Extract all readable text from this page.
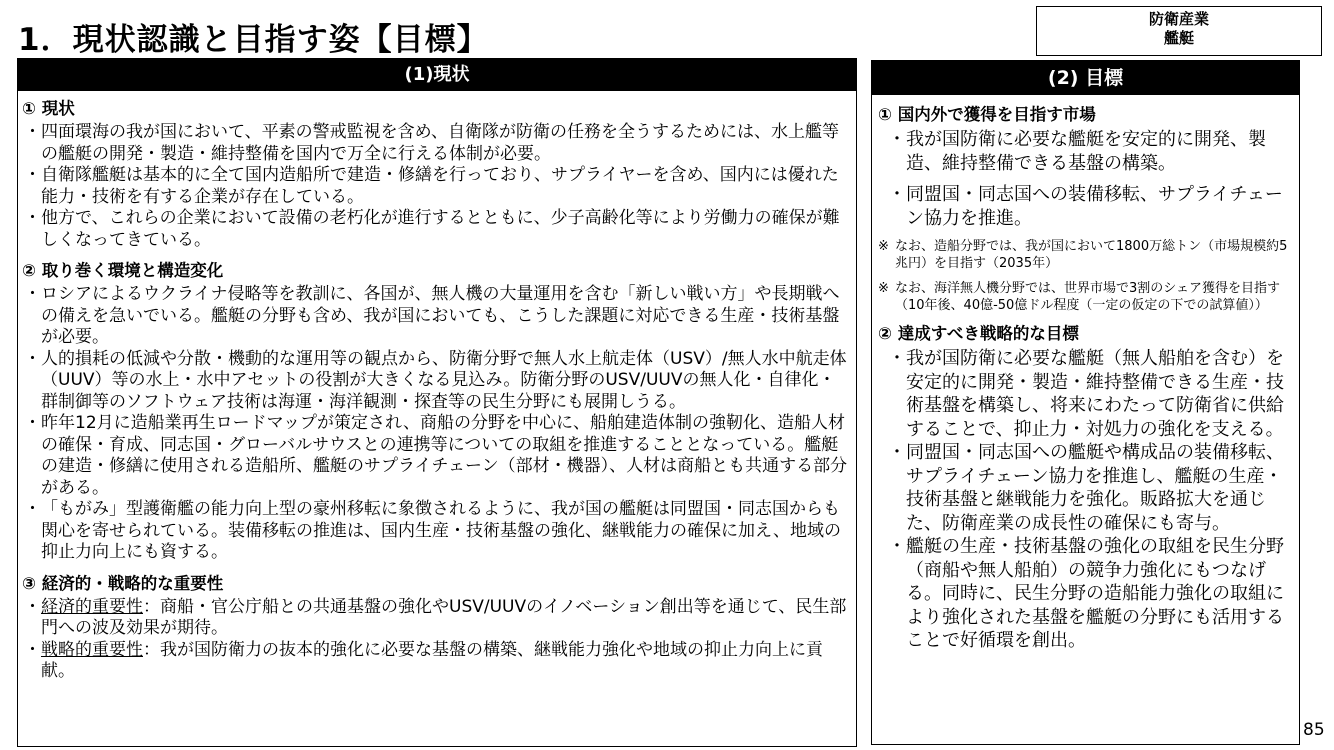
1．現状認識と目指す姿【目標】
防衛産業
艦艇
(1)現状
① 現状

・ 四面環海の我が国において、平素の警戒監視を含め、自衛隊が防衛の任務を全うするためには、水上艦等の艦艇の開発・製造・維持整備を国内で万全に行える体制が必要。

・ 自衛隊艦艇は基本的に全て国内造船所で建造・修繕を行っており、サプライヤーを含め、国内には優れた能力・技術を有する企業が存在している。

・ 他方で、これらの企業において設備の老朽化が進行するとともに、少子高齢化等により労働力の確保が難しくなってきている。

② 取り巻く環境と構造変化

・ ロシアによるウクライナ侵略等を教訓に、各国が、無人機の大量運用を含む「新しい戦い方」や長期戦への備えを急いでいる。艦艇の分野も含め、我が国においても、こうした課題に対応できる生産・技術基盤が必要。

・ 人的損耗の低減や分散・機動的な運用等の観点から、防衛分野で無人水上航走体（USV）/無人水中航走体（UUV）等の水上・水中アセットの役割が大きくなる見込み。防衛分野のUSV/UUVの無人化・自律化・群制御等のソフトウェア技術は海運・海洋観測・探査等の民生分野にも展開しうる。

・ 昨年12月に造船業再生ロードマップが策定され、商船の分野を中心に、船舶建造体制の強靭化、造船人材の確保・育成、同志国・グローバルサウスとの連携等についての取組を推進することとなっている。艦艇の建造・修繕に使用される造船所、艦艇のサプライチェーン（部材・機器）、人材は商船とも共通する部分がある。

・ 「もがみ」型護衛艦の能力向上型の豪州移転に象徴されるように、我が国の艦艇は同盟国・同志国からも関心を寄せられている。装備移転の推進は、国内生産・技術基盤の強化、継戦能力の確保に加え、地域の抑止力向上にも資する。

③ 経済的・戦略的な重要性

・ 経済的重要性：商船・官公庁船との共通基盤の強化やUSV/UUVのイノベーション創出等を通じて、民生部門への波及効果が期待。

・ 戦略的重要性：我が国防衛力の抜本的強化に必要な基盤の構築、継戦能力強化や地域の抑止力向上に貢献。

(2) 目標
① 国内外で獲得を目指す市場

・ 我が国防衛に必要な艦艇を安定的に開発、製造、維持整備できる基盤の構築。

・ 同盟国・同志国への装備移転、サプライチェーン協力を推進。

※ なお、造船分野では、我が国において1800万総トン（市場規模約5兆円）を目指す（2035年）

※ なお、海洋無人機分野では、世界市場で3割のシェア獲得を目指す（10年後、40億-50億ドル程度（一定の仮定の下での試算値））

② 達成すべき戦略的な目標

・ 我が国防衛に必要な艦艇（無人船舶を含む）を安定的に開発・製造・維持整備できる生産・技術基盤を構築し、将来にわたって防衛省に供給することで、抑止力・対処力の強化を支える。

・ 同盟国・同志国への艦艇や構成品の装備移転、サプライチェーン協力を推進し、艦艇の生産・技術基盤と継戦能力を強化。販路拡大を通じた、防衛産業の成長性の確保にも寄与。

・ 艦艇の生産・技術基盤の強化の取組を民生分野（商船や無人船舶）の競争力強化にもつなげる。同時に、民生分野の造船能力強化の取組により強化された基盤を艦艇の分野にも活用することで好循環を創出。

85
